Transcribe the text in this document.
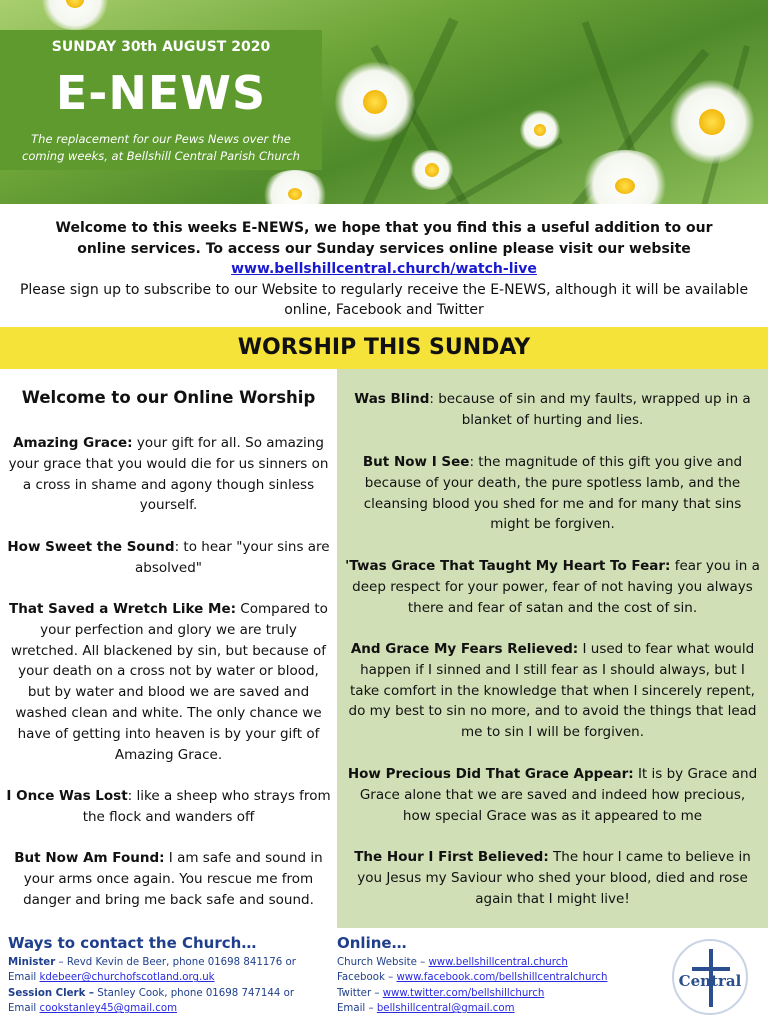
SUNDAY 30th AUGUST 2020
E-NEWS
The replacement for our Pews News over the coming weeks, at Bellshill Central Parish Church
Welcome to this weeks E-NEWS, we hope that you find this a useful addition to our online services. To access our Sunday services online please visit our website
www.bellshillcentral.church/watch-live
Please sign up to subscribe to our Website to regularly receive the E-NEWS, although it will be available online, Facebook and Twitter
WORSHIP THIS SUNDAY
Welcome to our Online Worship
Amazing Grace: your gift for all. So amazing your grace that you would die for us sinners on a cross in shame and agony though sinless yourself.
How Sweet the Sound: to hear "your sins are absolved"
That Saved a Wretch Like Me: Compared to your perfection and glory we are truly wretched. All blackened by sin, but because of your death on a cross not by water or blood, but by water and blood we are saved and washed clean and white. The only chance we have of getting into heaven is by your gift of Amazing Grace.
I Once Was Lost: like a sheep who strays from the flock and wanders off
But Now Am Found: I am safe and sound in your arms once again. You rescue me from danger and bring me back safe and sound.
Was Blind: because of sin and my faults, wrapped up in a blanket of hurting and lies.
But Now I See: the magnitude of this gift you give and because of your death, the pure spotless lamb, and the cleansing blood you shed for me and for many that sins might be forgiven.
'Twas Grace That Taught My Heart To Fear: fear you in a deep respect for your power, fear of not having you always there and fear of satan and the cost of sin.
And Grace My Fears Relieved: I used to fear what would happen if I sinned and I still fear as I should always, but I take comfort in the knowledge that when I sincerely repent, do my best to sin no more, and to avoid the things that lead me to sin I will be forgiven.
How Precious Did That Grace Appear: It is by Grace and Grace alone that we are saved and indeed how precious, how special Grace was as it appeared to me
The Hour I First Believed: The hour I came to believe in you Jesus my Saviour who shed your blood, died and rose again that I might live!
Ways to contact the Church…
Minister – Revd Kevin de Beer, phone 01698 841176 or
Email kdebeer@churchofscotland.org.uk
Session Clerk – Stanley Cook, phone 01698 747144 or
Email cookstanley45@gmail.com
Online…
Church Website – www.bellshillcentral.church
Facebook – www.facebook.com/bellshillcentralchurch
Twitter – www.twitter.com/bellshillchurch
Email – bellshillcentral@gmail.com
Central
